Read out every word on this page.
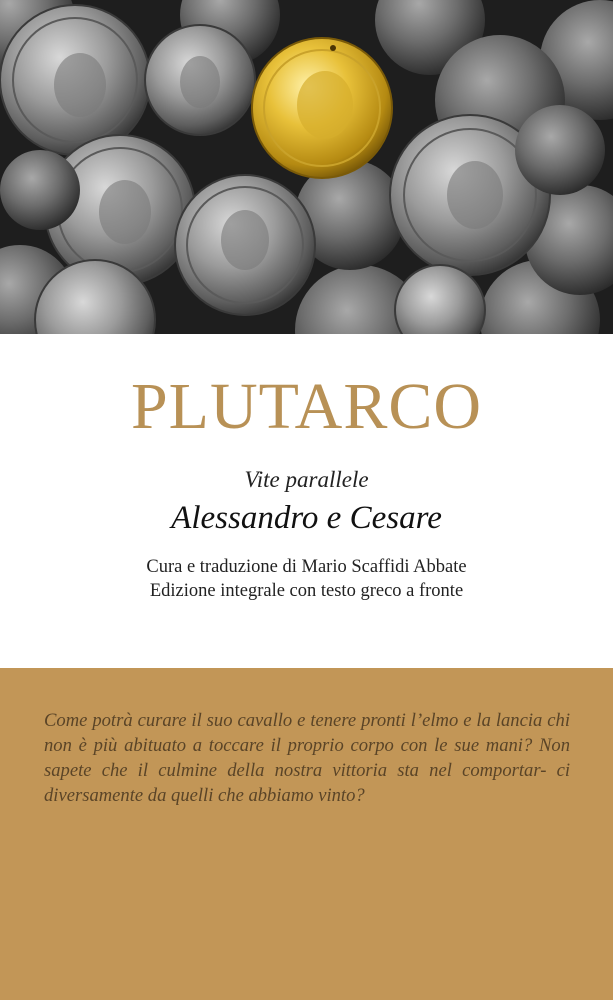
PLUTARCO
Vite parallele
Alessandro e Cesare
Cura e traduzione di Mario Scaffidi Abbate
Edizione integrale con testo greco a fronte
Come potrà curare il suo cavallo e tenere pronti l’elmo e la lancia chi non è più abituato a toccare il proprio corpo con le sue mani? Non sapete che il culmine della nostra vittoria sta nel comportar- ci diversamente da quelli che abbiamo vinto?
